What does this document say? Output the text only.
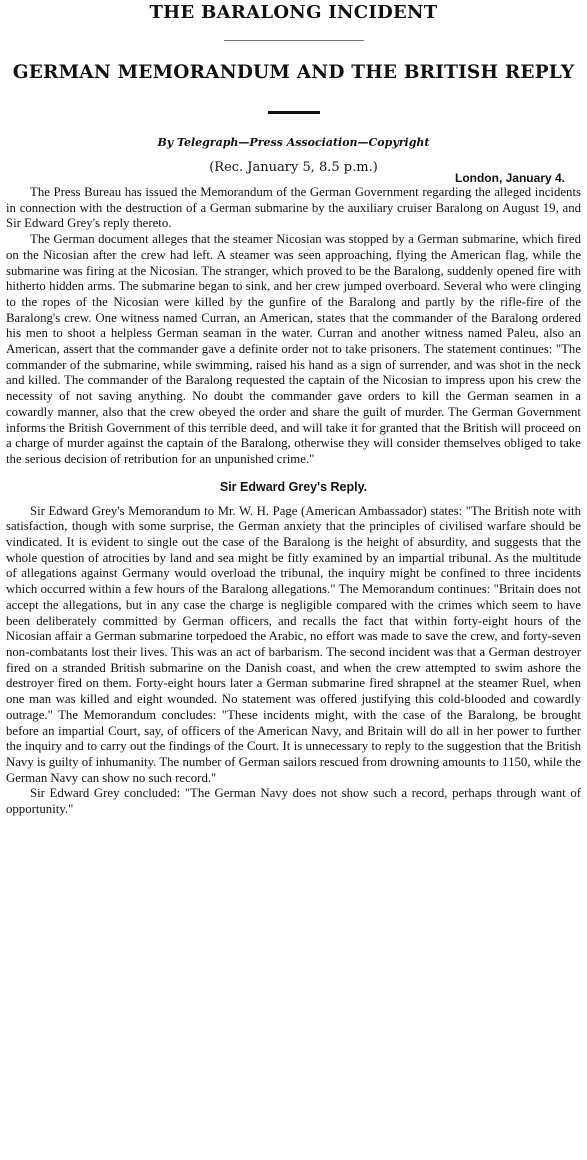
THE BARALONG INCIDENT
GERMAN MEMORANDUM AND THE BRITISH REPLY
By Telegraph—Press Association—Copyright
(Rec. January 5, 8.5 p.m.)
London, January 4.

The Press Bureau has issued the Memorandum of the German Government regarding the alleged incidents in connection with the destruction of a German submarine by the auxiliary cruiser Baralong on August 19, and Sir Edward Grey's reply thereto.

The German document alleges that the steamer Nicosian was stopped by a German submarine, which fired on the Nicosian after the crew had left. A steamer was seen approaching, flying the American flag, while the submarine was firing at the Nicosian. The stranger, which proved to be the Baralong, suddenly opened fire with hitherto hidden arms. The submarine began to sink, and her crew jumped overboard. Several who were clinging to the ropes of the Nicosian were killed by the gunfire of the Baralong and partly by the rifle-fire of the Baralong's crew. One witness named Curran, an American, states that the commander of the Baralong ordered his men to shoot a helpless German seaman in the water. Curran and another witness named Paleu, also an American, assert that the commander gave a definite order not to take prisoners. The statement continues: "The commander of the submarine, while swimming, raised his hand as a sign of surrender, and was shot in the neck and killed. The commander of the Baralong requested the captain of the Nicosian to impress upon his crew the necessity of not saving anything. No doubt the commander gave orders to kill the German seamen in a cowardly manner, also that the crew obeyed the order and share the guilt of murder. The German Government informs the British Government of this terrible deed, and will take it for granted that the British will proceed on a charge of murder against the captain of the Baralong, otherwise they will consider themselves obliged to take the serious decision of retribution for an unpunished crime."

Sir Edward Grey's Reply.

Sir Edward Grey's Memorandum to Mr. W. H. Page (American Ambassador) states: "The British note with satisfaction, though with some surprise, the German anxiety that the principles of civilised warfare should be vindicated. It is evident to single out the case of the Baralong is the height of absurdity, and suggests that the whole question of atrocities by land and sea might be fitly examined by an impartial tribunal. As the multitude of allegations against Germany would overload the tribunal, the inquiry might be confined to three incidents which occurred within a few hours of the Baralong allegations." The Memorandum continues: "Britain does not accept the allegations, but in any case the charge is negligible compared with the crimes which seem to have been deliberately committed by German officers, and recalls the fact that within forty-eight hours of the Nicosian affair a German submarine torpedoed the Arabic, no effort was made to save the crew, and forty-seven non-combatants lost their lives. This was an act of barbarism. The second incident was that a German destroyer fired on a stranded British submarine on the Danish coast, and when the crew attempted to swim ashore the destroyer fired on them. Forty-eight hours later a German submarine fired shrapnel at the steamer Ruel, when one man was killed and eight wounded. No statement was offered justifying this cold-blooded and cowardly outrage." The Memorandum concludes: "These incidents might, with the case of the Baralong, be brought before an impartial Court, say, of officers of the American Navy, and Britain will do all in her power to further the inquiry and to carry out the findings of the Court. It is unnecessary to reply to the suggestion that the British Navy is guilty of inhumanity. The number of German sailors rescued from drowning amounts to 1150, while the German Navy can show no such record."

Sir Edward Grey concluded: "The German Navy does not show such a record, perhaps through want of opportunity."
